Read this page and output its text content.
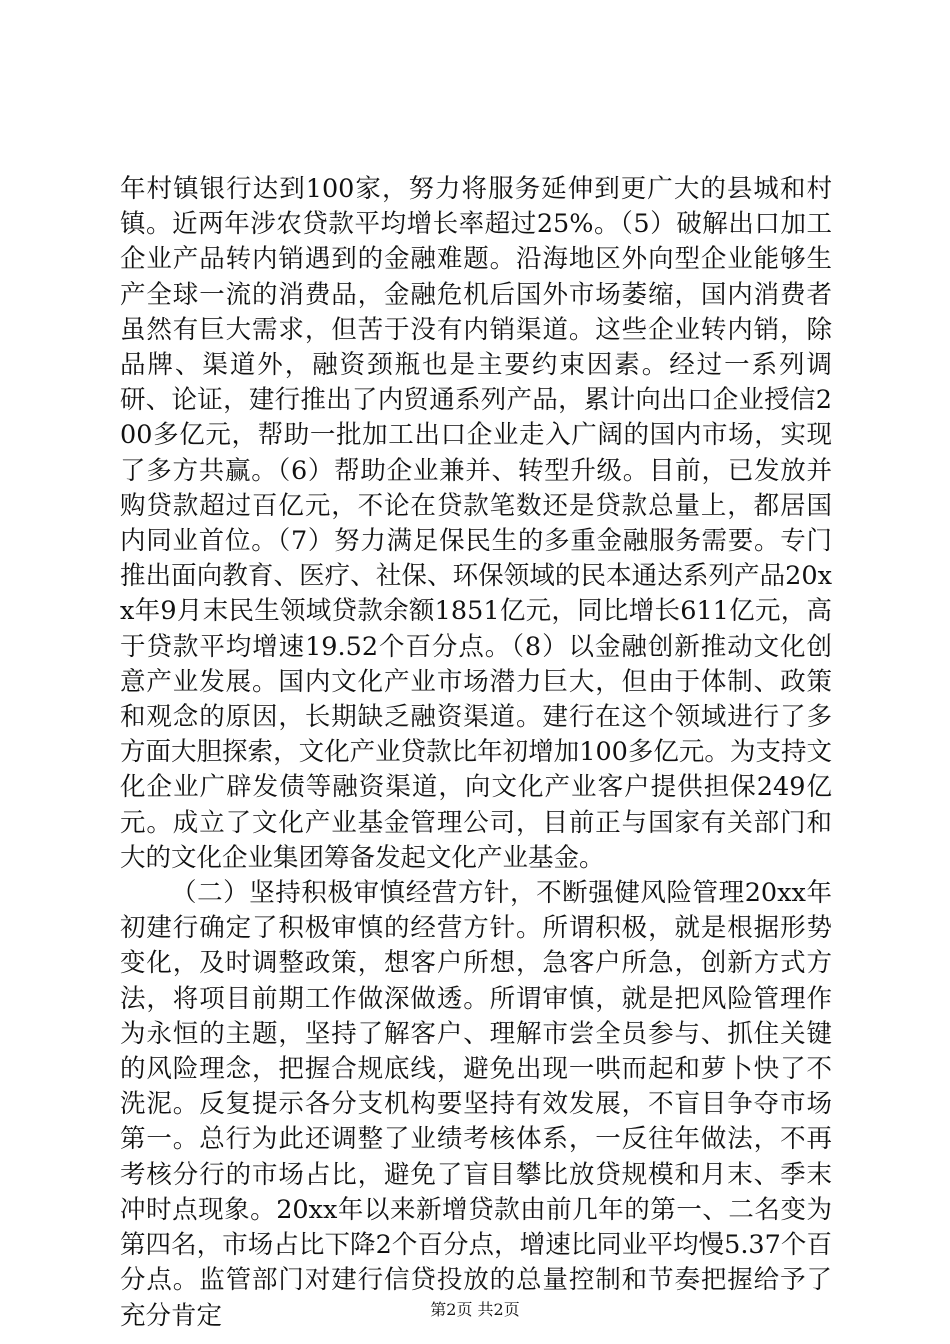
年村镇银行达到100家，努力将服务延伸到更广大的县城和村镇。近两年涉农贷款平均增长率超过25%。（5）破解出口加工企业产品转内销遇到的金融难题。沿海地区外向型企业能够生产全球一流的消费品，金融危机后国外市场萎缩，国内消费者虽然有巨大需求，但苦于没有内销渠道。这些企业转内销，除品牌、渠道外，融资颈瓶也是主要约束因素。经过一系列调研、论证，建行推出了内贸通系列产品，累计向出口企业授信200多亿元，帮助一批加工出口企业走入广阔的国内市场，实现了多方共赢。（6）帮助企业兼并、转型升级。目前，已发放并购贷款超过百亿元，不论在贷款笔数还是贷款总量上，都居国内同业首位。（7）努力满足保民生的多重金融服务需要。专门推出面向教育、医疗、社保、环保领域的民本通达系列产品20xx年9月末民生领域贷款余额1851亿元，同比增长611亿元，高于贷款平均增速19.52个百分点。（8）以金融创新推动文化创意产业发展。国内文化产业市场潜力巨大，但由于体制、政策和观念的原因，长期缺乏融资渠道。建行在这个领域进行了多方面大胆探索，文化产业贷款比年初增加100多亿元。为支持文化企业广辟发债等融资渠道，向文化产业客户提供担保249亿元。成立了文化产业基金管理公司，目前正与国家有关部门和大的文化企业集团筹备发起文化产业基金。

（二）坚持积极审慎经营方针，不断强健风险管理20xx年初建行确定了积极审慎的经营方针。所谓积极，就是根据形势变化，及时调整政策，想客户所想，急客户所急，创新方式方法，将项目前期工作做深做透。所谓审慎，就是把风险管理作为永恒的主题，坚持了解客户、理解市尝全员参与、抓住关键的风险理念，把握合规底线，避免出现一哄而起和萝卜快了不洗泥。反复提示各分支机构要坚持有效发展，不盲目争夺市场第一。总行为此还调整了业绩考核体系，一反往年做法，不再考核分行的市场占比，避免了盲目攀比放贷规模和月末、季末冲时点现象。20xx年以来新增贷款由前几年的第一、二名变为第四名，市场占比下降2个百分点，增速比同业平均慢5.37个百分点。监管部门对建行信贷投放的总量控制和节奏把握给予了充分肯定	第2页 共2页
